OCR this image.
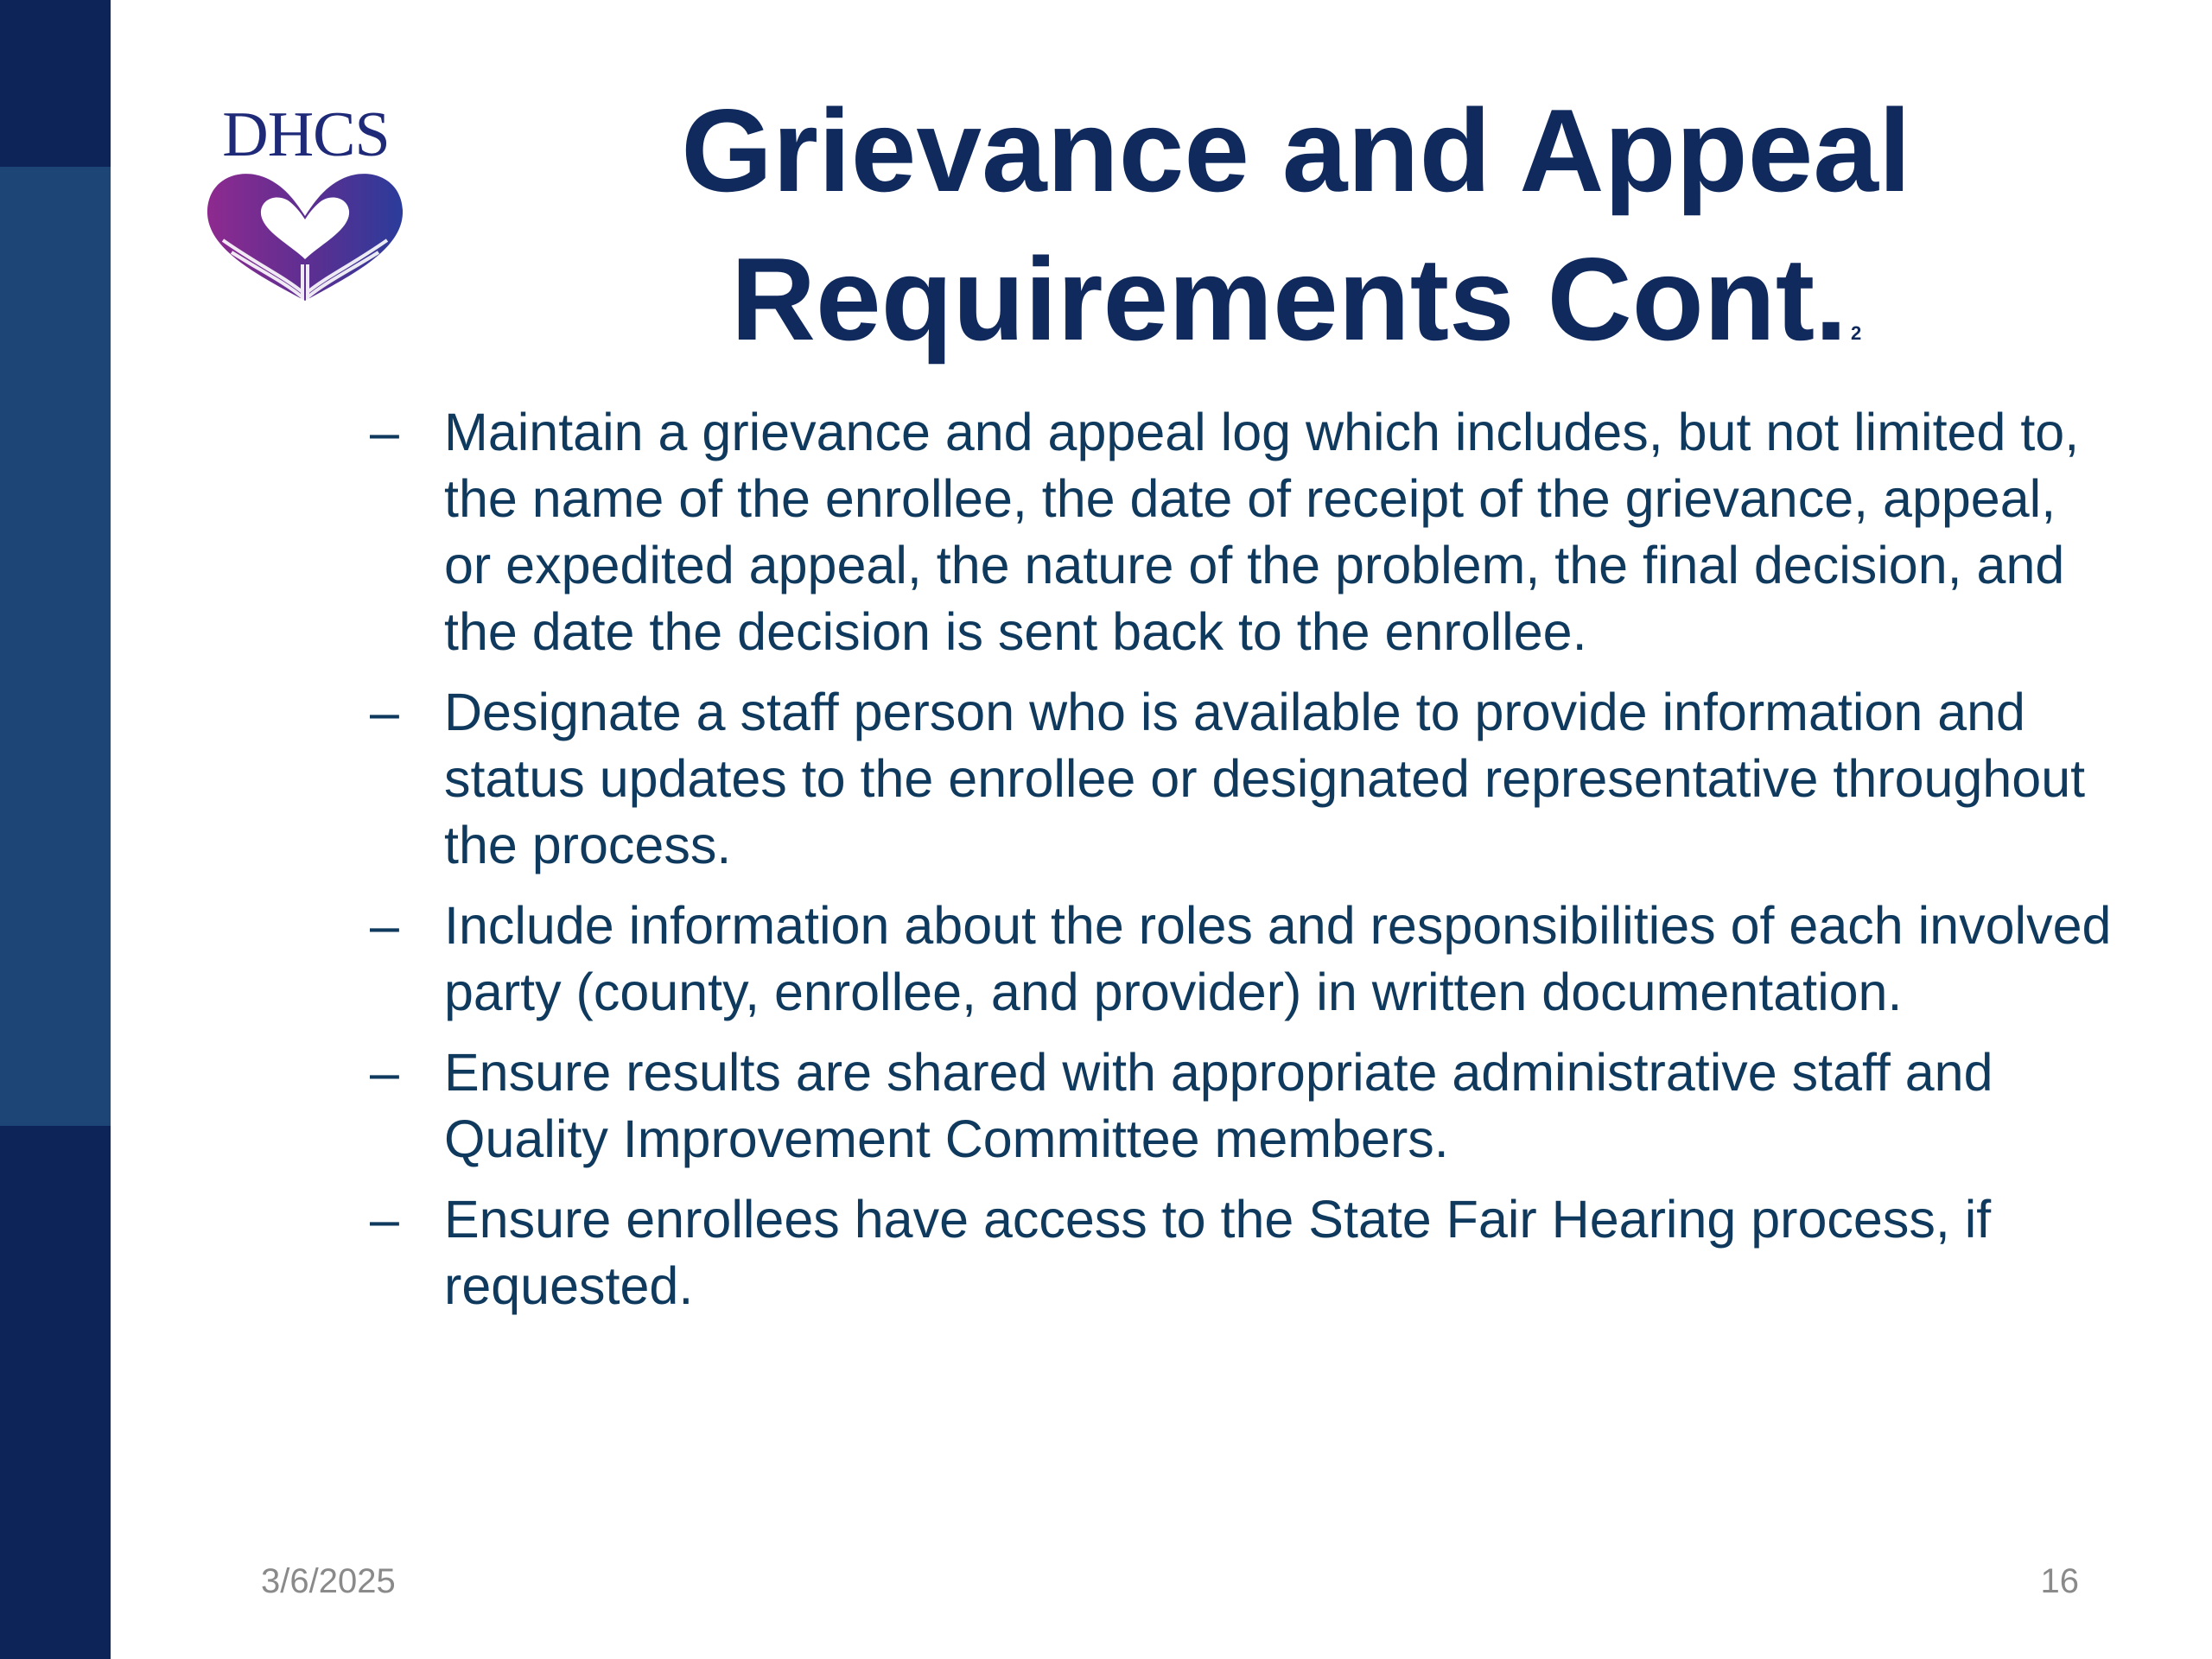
DHCS	Grievance and Appeal
Requirements Cont. 2
– Maintain a grievance and appeal log which includes, but not limited to, the name of the enrollee, the date of receipt of the grievance, appeal, or expedited appeal, the nature of the problem, the final decision, and the date the decision is sent back to the enrollee.
– Designate a staff person who is available to provide information and status updates to the enrollee or designated representative throughout the process.
– Include information about the roles and responsibilities of each involved party (county, enrollee, and provider) in written documentation.
– Ensure results are shared with appropriate administrative staff and Quality Improvement Committee members.
– Ensure enrollees have access to the State Fair Hearing process, if requested.
3/6/2025	16
